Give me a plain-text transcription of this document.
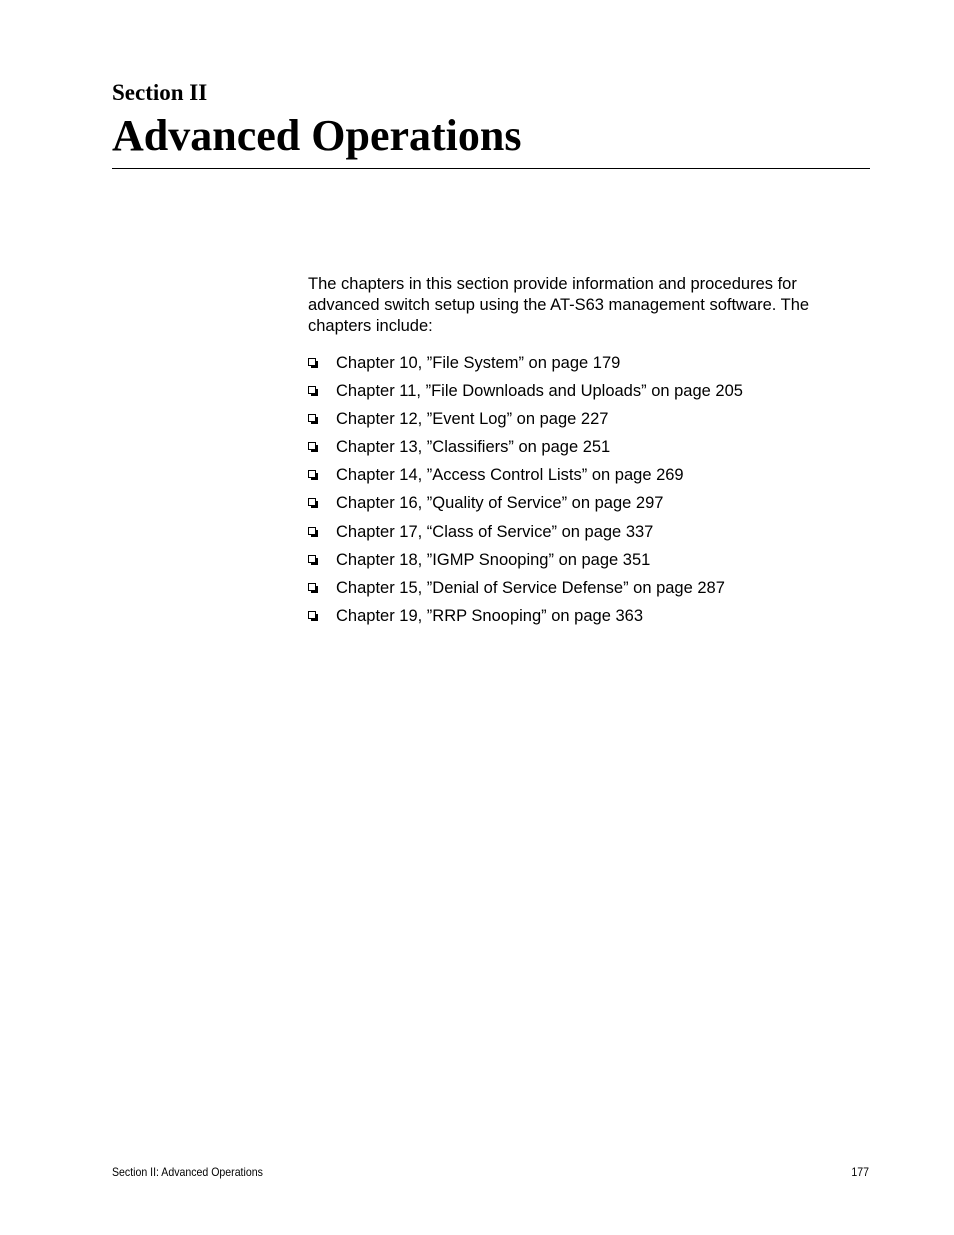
Section II
Advanced Operations

The chapters in this section provide information and procedures for advanced switch setup using the AT-S63 management software. The chapters include:

Chapter 10, ”File System” on page 179
Chapter 11, ”File Downloads and Uploads” on page 205
Chapter 12, ”Event Log” on page 227
Chapter 13, ”Classifiers” on page 251
Chapter 14, ”Access Control Lists” on page 269
Chapter 16, ”Quality of Service” on page 297
Chapter 17, “Class of Service” on page 337
Chapter 18, ”IGMP Snooping” on page 351
Chapter 15, ”Denial of Service Defense” on page 287
Chapter 19, ”RRP Snooping” on page 363
Section II: Advanced Operations	177
